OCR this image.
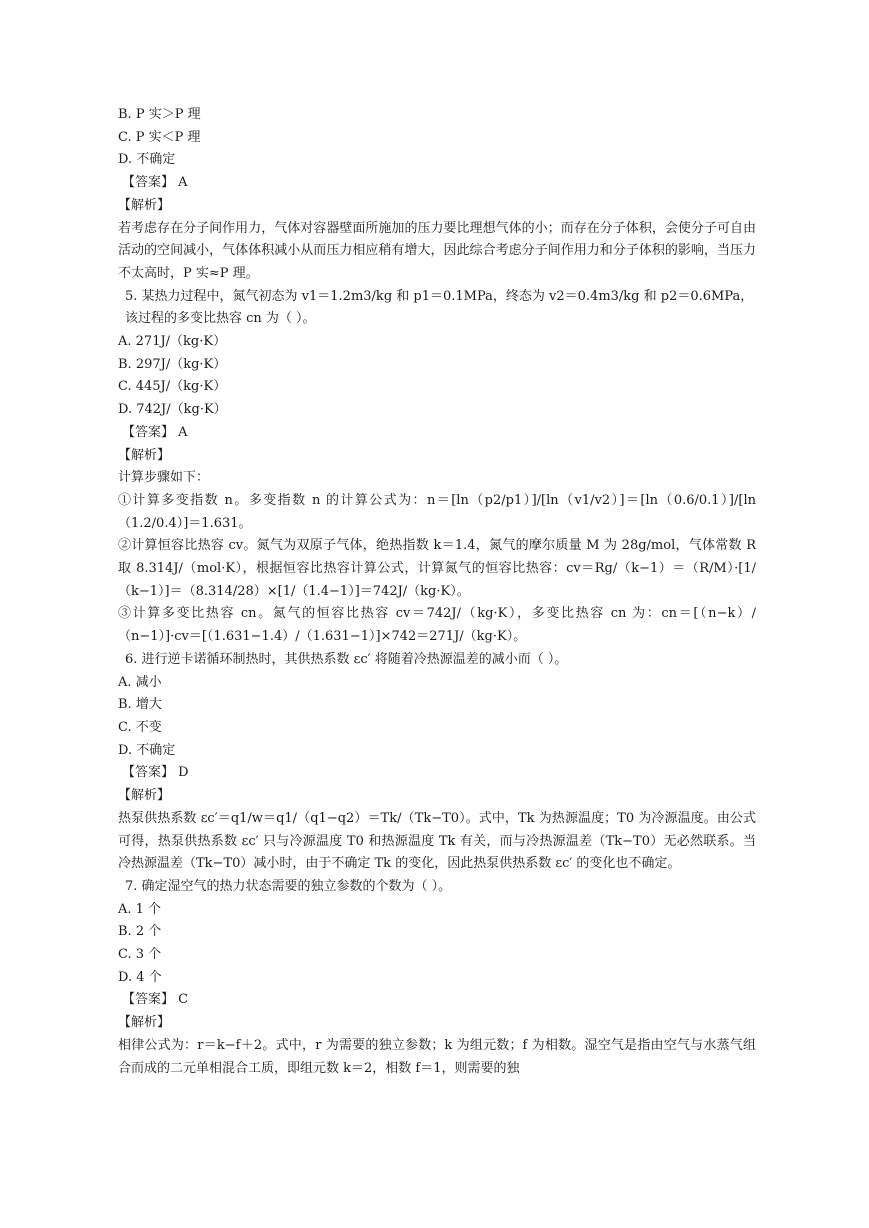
B. P 实＞P 理
C. P 实＜P 理
D. 不确定
【答案】 A
【解析】
若考虑存在分子间作用力，气体对容器壁面所施加的压力要比理想气体的小；而存在分子体积，会使分子可自由活动的空间减小，气体体积减小从而压力相应稍有增大，因此综合考虑分子间作用力和分子体积的影响，当压力不太高时，P 实≈P 理。
5. 某热力过程中，氮气初态为 v1＝1.2m3/kg 和 p1＝0.1MPa，终态为 v2＝0.4m3/kg 和 p2＝0.6MPa，该过程的多变比热容 cn 为（ ）。
A. 271J/（kg·K）
B. 297J/（kg·K）
C. 445J/（kg·K）
D. 742J/（kg·K）
【答案】 A
【解析】
计算步骤如下：
①计算多变指数 n。多变指数 n 的计算公式为：n＝[ln（p2/p1）]/[ln（v1/v2）]＝[ln（0.6/0.1）]/[ln（1.2/0.4）]＝1.631。
②计算恒容比热容 cv。氮气为双原子气体，绝热指数 k＝1.4，氮气的摩尔质量 M 为 28g/mol，气体常数 R 取 8.314J/（mol·K），根据恒容比热容计算公式，计算氮气的恒容比热容：cv＝Rg/（k−1）＝（R/M）·[1/（k−1）]＝（8.314/28）×[1/（1.4−1）]＝742J/（kg·K）。
③计算多变比热容 cn。氮气的恒容比热容 cv＝742J/（kg·K），多变比热容 cn 为：cn＝[（n−k）/（n−1）]·cv＝[（1.631−1.4）/（1.631−1）]×742＝271J/（kg·K）。
6. 进行逆卡诺循环制热时，其供热系数 εc′ 将随着冷热源温差的减小而（ ）。
A. 减小
B. 增大
C. 不变
D. 不确定
【答案】 D
【解析】
热泵供热系数 εc′＝q1/w＝q1/（q1−q2）＝Tk/（Tk−T0）。式中，Tk 为热源温度；T0 为冷源温度。由公式可得，热泵供热系数 εc′ 只与冷源温度 T0 和热源温度 Tk 有关，而与冷热源温差（Tk−T0）无必然联系。当冷热源温差（Tk−T0）减小时，由于不确定 Tk 的变化，因此热泵供热系数 εc′ 的变化也不确定。
7. 确定湿空气的热力状态需要的独立参数的个数为（ ）。
A. 1 个
B. 2 个
C. 3 个
D. 4 个
【答案】 C
【解析】
相律公式为：r＝k−f＋2。式中，r 为需要的独立参数；k 为组元数；f 为相数。湿空气是指由空气与水蒸气组合而成的二元单相混合工质，即组元数 k＝2，相数 f＝1，则需要的独
